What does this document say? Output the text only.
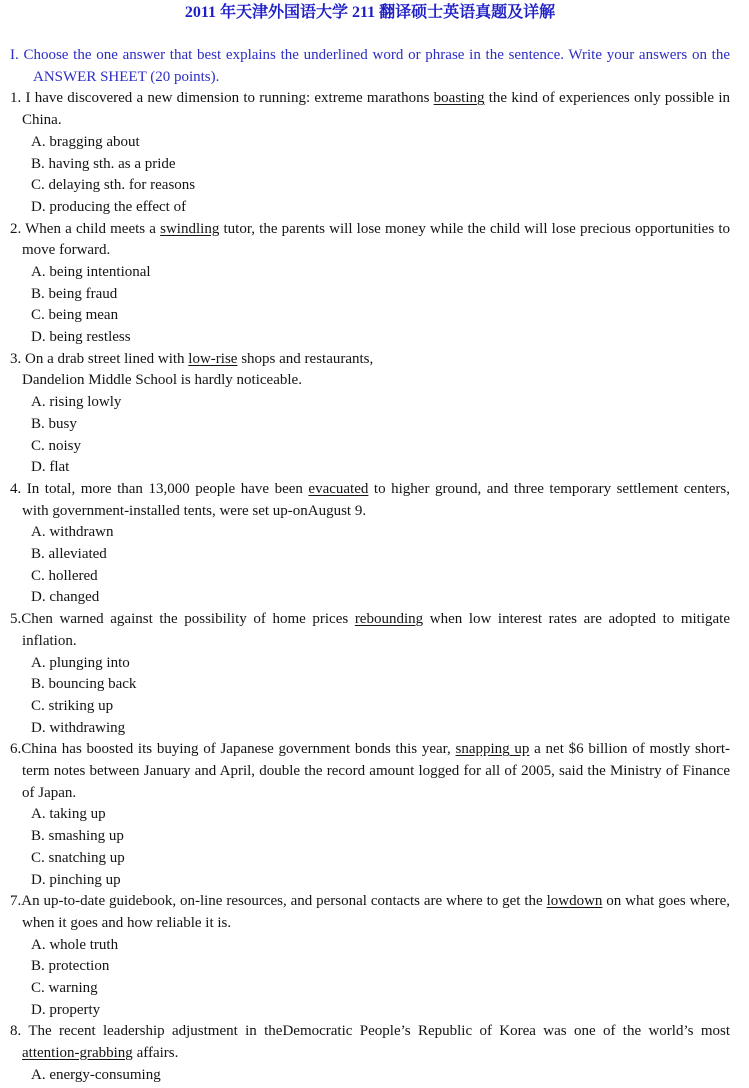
2011 年天津外国语大学 211 翻译硕士英语真题及详解

I. Choose the one answer that best explains the underlined word or phrase in the sentence. Write your answers on the ANSWER SHEET (20 points).

1. I have discovered a new dimension to running: extreme marathons boasting the kind of experiences only possible in China.

A. bragging about
B. having sth. as a pride
C. delaying sth. for reasons
D. producing the effect of

2. When a child meets a swindling tutor, the parents will lose money while the child will lose precious opportunities to move forward.

A. being intentional
B. being fraud
C. being mean
D. being restless

3. On a drab street lined with low-rise shops and restaurants,
Dandelion Middle School is hardly noticeable.

A. rising lowly
B. busy
C. noisy
D. flat

4. In total, more than 13,000 people have been evacuated to higher ground, and three temporary settlement centers, with government-installed tents, were set up-onAugust 9.

A. withdrawn
B. alleviated
C. hollered
D. changed

5.Chen warned against the possibility of home prices rebounding when low interest rates are adopted to mitigate inflation.

A. plunging into
B. bouncing back
C. striking up
D. withdrawing

6.China has boosted its buying of Japanese government bonds this year, snapping up a net $6 billion of mostly short-term notes between January and April, double the record amount logged for all of 2005, said the Ministry of Finance of Japan.

A. taking up
B. smashing up
C. snatching up
D. pinching up

7.An up-to-date guidebook, on-line resources, and personal contacts are where to get the lowdown on what goes where, when it goes and how reliable it is.

A. whole truth
B. protection
C. warning
D. property

8. The recent leadership adjustment in theDemocratic People’s Republic of Korea was one of the world’s most attention-grabbing affairs.

A. energy-consuming
